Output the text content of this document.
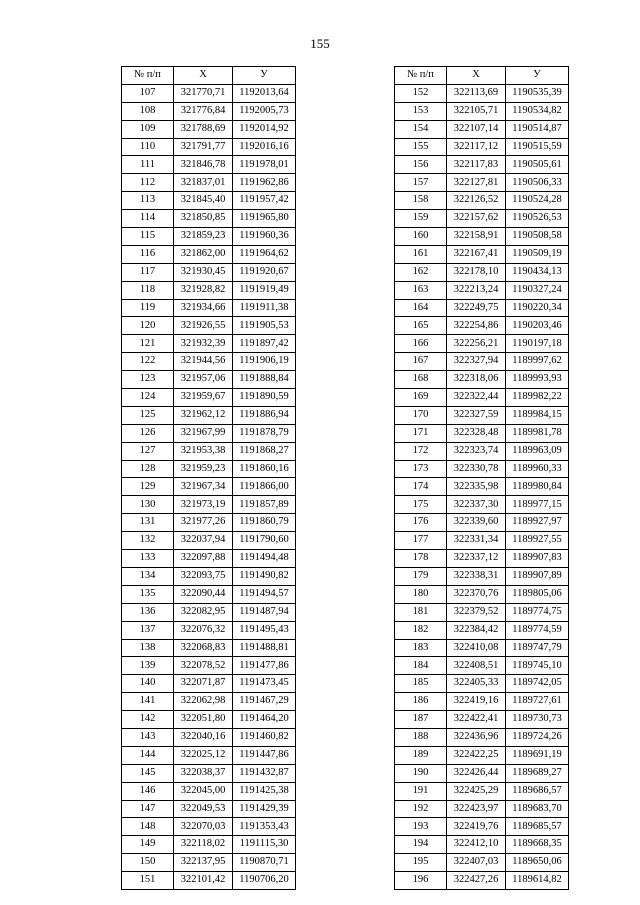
155
№ п/п	Х	У
107	321770,71	1192013,64
108	321776,84	1192005,73
109	321788,69	1192014,92
110	321791,77	1192016,16
111	321846,78	1191978,01
112	321837,01	1191962,86
113	321845,40	1191957,42
114	321850,85	1191965,80
115	321859,23	1191960,36
116	321862,00	1191964,62
117	321930,45	1191920,67
118	321928,82	1191919,49
119	321934,66	1191911,38
120	321926,55	1191905,53
121	321932,39	1191897,42
122	321944,56	1191906,19
123	321957,06	1191888,84
124	321959,67	1191890,59
125	321962,12	1191886,94
126	321967,99	1191878,79
127	321953,38	1191868,27
128	321959,23	1191860,16
129	321967,34	1191866,00
130	321973,19	1191857,89
131	321977,26	1191860,79
132	322037,94	1191790,60
133	322097,88	1191494,48
134	322093,75	1191490,82
135	322090,44	1191494,57
136	322082,95	1191487,94
137	322076,32	1191495,43
138	322068,83	1191488,81
139	322078,52	1191477,86
140	322071,87	1191473,45
141	322062,98	1191467,29
142	322051,80	1191464,20
143	322040,16	1191460,82
144	322025,12	1191447,86
145	322038,37	1191432,87
146	322045,00	1191425,38
147	322049,53	1191429,39
148	322070,03	1191353,43
149	322118,02	1191115,30
150	322137,95	1190870,71
151	322101,42	1190706,20
№ п/п	Х	У
152	322113,69	1190535,39
153	322105,71	1190534,82
154	322107,14	1190514,87
155	322117,12	1190515,59
156	322117,83	1190505,61
157	322127,81	1190506,33
158	322126,52	1190524,28
159	322157,62	1190526,53
160	322158,91	1190508,58
161	322167,41	1190509,19
162	322178,10	1190434,13
163	322213,24	1190327,24
164	322249,75	1190220,34
165	322254,86	1190203,46
166	322256,21	1190197,18
167	322327,94	1189997,62
168	322318,06	1189993,93
169	322322,44	1189982,22
170	322327,59	1189984,15
171	322328,48	1189981,78
172	322323,74	1189963,09
173	322330,78	1189960,33
174	322335,98	1189980,84
175	322337,30	1189977,15
176	322339,60	1189927,97
177	322331,34	1189927,55
178	322337,12	1189907,83
179	322338,31	1189907,89
180	322370,76	1189805,06
181	322379,52	1189774,75
182	322384,42	1189774,59
183	322410,08	1189747,79
184	322408,51	1189745,10
185	322405,33	1189742,05
186	322419,16	1189727,61
187	322422,41	1189730,73
188	322436,96	1189724,26
189	322422,25	1189691,19
190	322426,44	1189689,27
191	322425,29	1189686,57
192	322423,97	1189683,70
193	322419,76	1189685,57
194	322412,10	1189668,35
195	322407,03	1189650,06
196	322427,26	1189614,82
